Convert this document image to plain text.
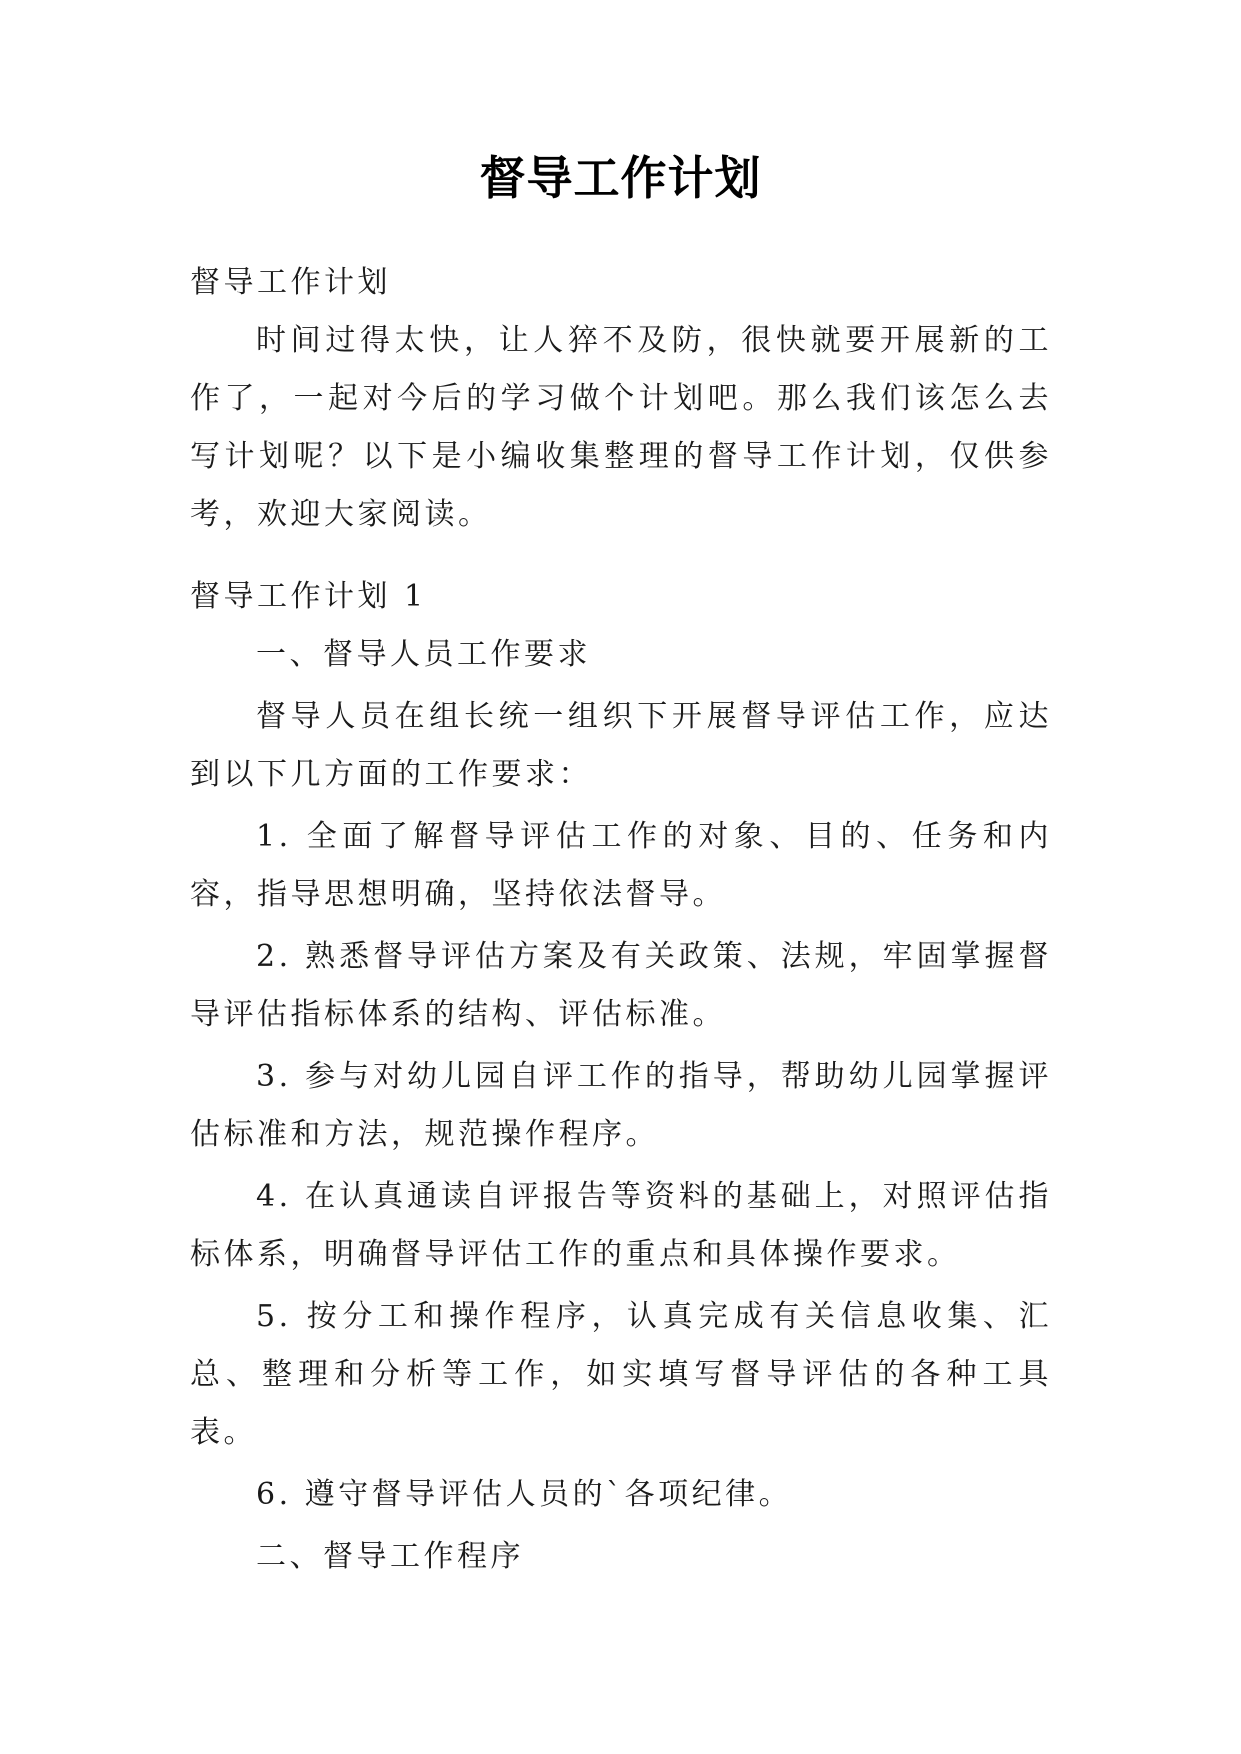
督导工作计划

督导工作计划

时间过得太快，让人猝不及防，很快就要开展新的工作了，一起对今后的学习做个计划吧。那么我们该怎么去写计划呢？以下是小编收集整理的督导工作计划，仅供参考，欢迎大家阅读。

督导工作计划 1

一、督导人员工作要求

督导人员在组长统一组织下开展督导评估工作，应达到以下几方面的工作要求：

1. 全面了解督导评估工作的对象、目的、任务和内容，指导思想明确，坚持依法督导。

2. 熟悉督导评估方案及有关政策、法规，牢固掌握督导评估指标体系的结构、评估标准。

3. 参与对幼儿园自评工作的指导，帮助幼儿园掌握评估标准和方法，规范操作程序。

4. 在认真通读自评报告等资料的基础上，对照评估指标体系，明确督导评估工作的重点和具体操作要求。

5. 按分工和操作程序，认真完成有关信息收集、汇总、整理和分析等工作，如实填写督导评估的各种工具表。

6. 遵守督导评估人员的`各项纪律。

二、督导工作程序
